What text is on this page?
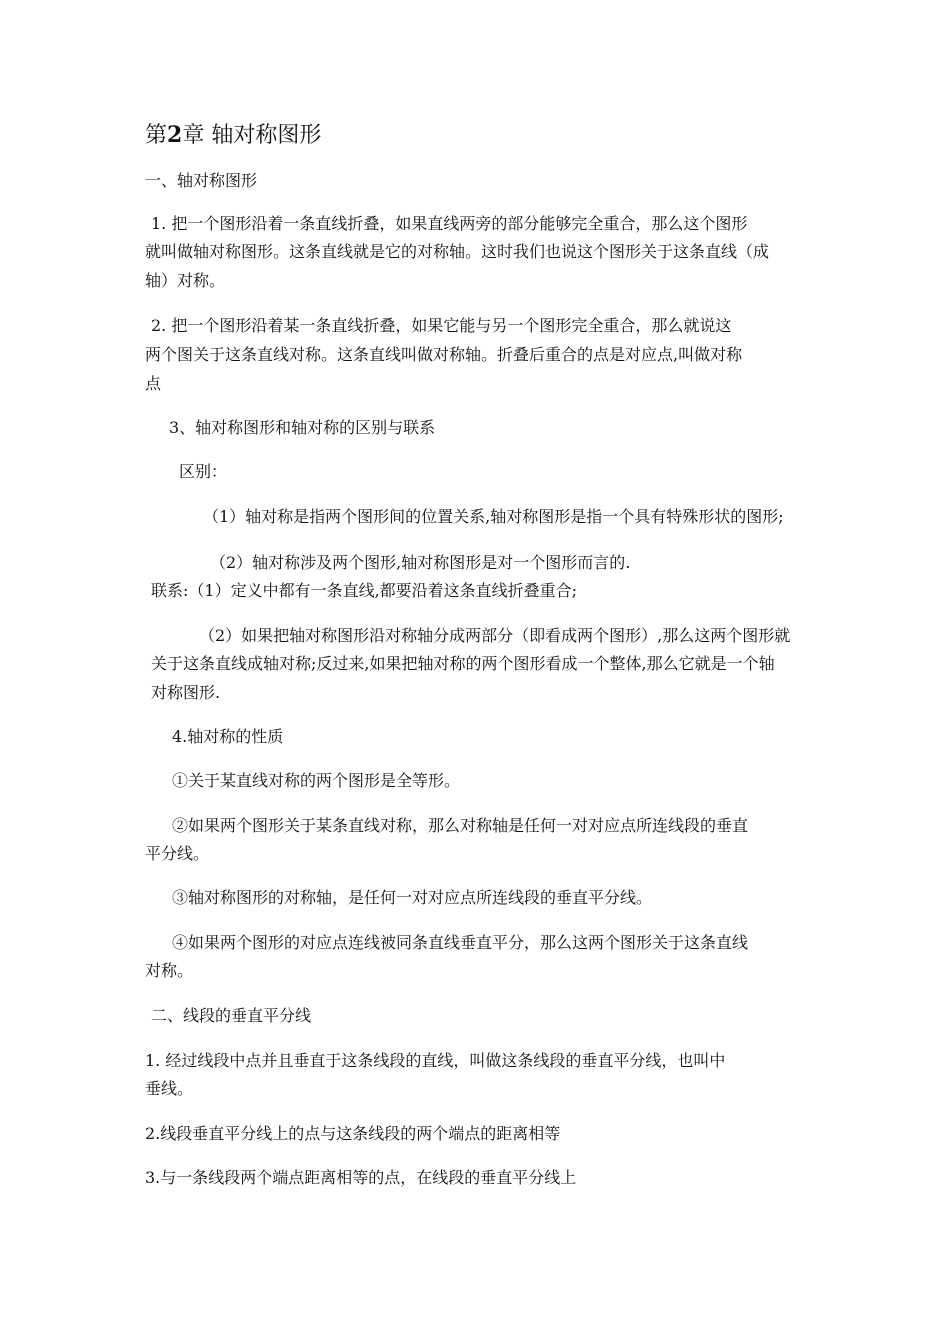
第2章 轴对称图形
一、轴对称图形
1. 把一个图形沿着一条直线折叠，如果直线两旁的部分能够完全重合，那么这个图形
就叫做轴对称图形。这条直线就是它的对称轴。这时我们也说这个图形关于这条直线（成
轴）对称。
2. 把一个图形沿着某一条直线折叠，如果它能与另一个图形完全重合，那么就说这
两个图关于这条直线对称。这条直线叫做对称轴。折叠后重合的点是对应点,叫做对称
点
3、轴对称图形和轴对称的区别与联系
区别：
（1）轴对称是指两个图形间的位置关系,轴对称图形是指一个具有特殊形状的图形;
（2）轴对称涉及两个图形,轴对称图形是对一个图形而言的.
联系:（1）定义中都有一条直线,都要沿着这条直线折叠重合;
（2）如果把轴对称图形沿对称轴分成两部分（即看成两个图形）,那么这两个图形就
关于这条直线成轴对称;反过来,如果把轴对称的两个图形看成一个整体,那么它就是一个轴
对称图形.
4.轴对称的性质
①关于某直线对称的两个图形是全等形。
②如果两个图形关于某条直线对称，那么对称轴是任何一对对应点所连线段的垂直
平分线。
③轴对称图形的对称轴，是任何一对对应点所连线段的垂直平分线。
④如果两个图形的对应点连线被同条直线垂直平分，那么这两个图形关于这条直线
对称。
二、线段的垂直平分线
1. 经过线段中点并且垂直于这条线段的直线，叫做这条线段的垂直平分线，也叫中
垂线。
2.线段垂直平分线上的点与这条线段的两个端点的距离相等
3.与一条线段两个端点距离相等的点，在线段的垂直平分线上
